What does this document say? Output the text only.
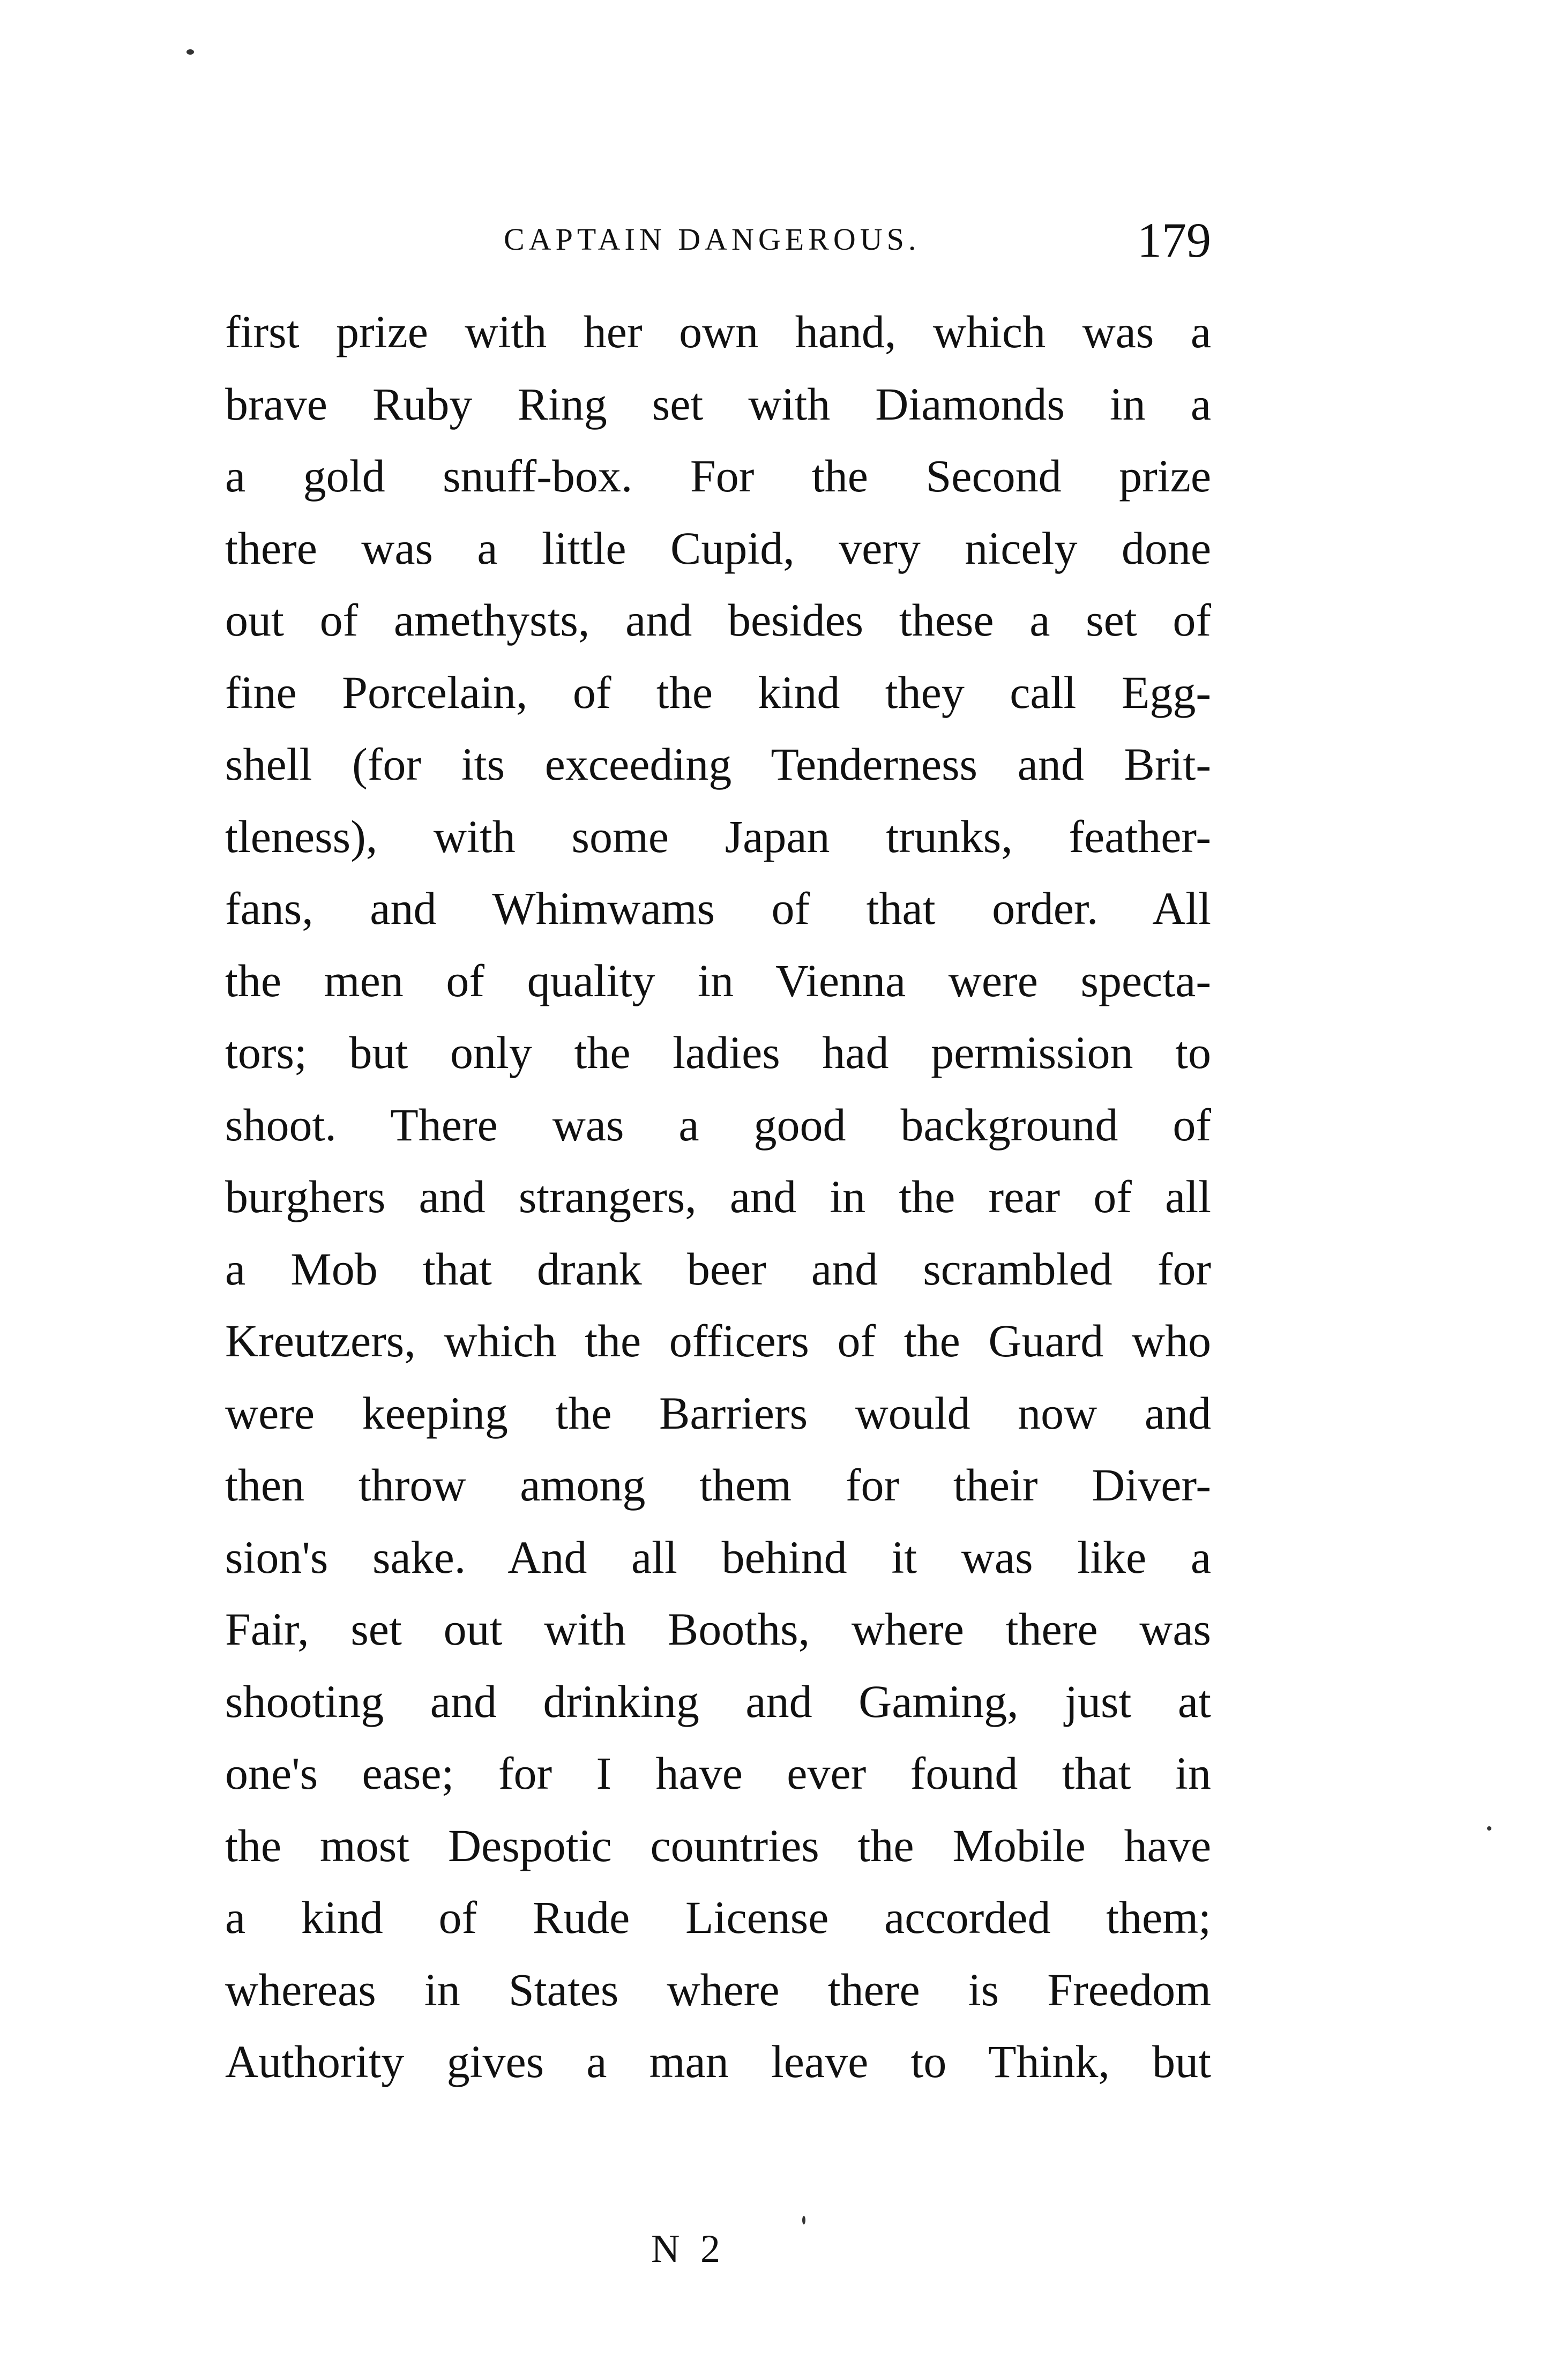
CAPTAIN DANGEROUS.	179
first prize with her own hand, which was a
brave Ruby Ring set with Diamonds in a
a gold snuff-box. For the Second prize
there was a little Cupid, very nicely done
out of amethysts, and besides these a set of
fine Porcelain, of the kind they call Egg-
shell (for its exceeding Tenderness and Brit-
tleness), with some Japan trunks, feather-
fans, and Whimwams of that order. All
the men of quality in Vienna were specta-
tors; but only the ladies had permission to
shoot. There was a good background of
burghers and strangers, and in the rear of all
a Mob that drank beer and scrambled for
Kreutzers, which the officers of the Guard who
were keeping the Barriers would now and
then throw among them for their Diver-
sion's sake. And all behind it was like a
Fair, set out with Booths, where there was
shooting and drinking and Gaming, just at
one's ease; for I have ever found that in
the most Despotic countries the Mobile have
a kind of Rude License accorded them;
whereas in States where there is Freedom
Authority gives a man leave to Think, but
N 2
